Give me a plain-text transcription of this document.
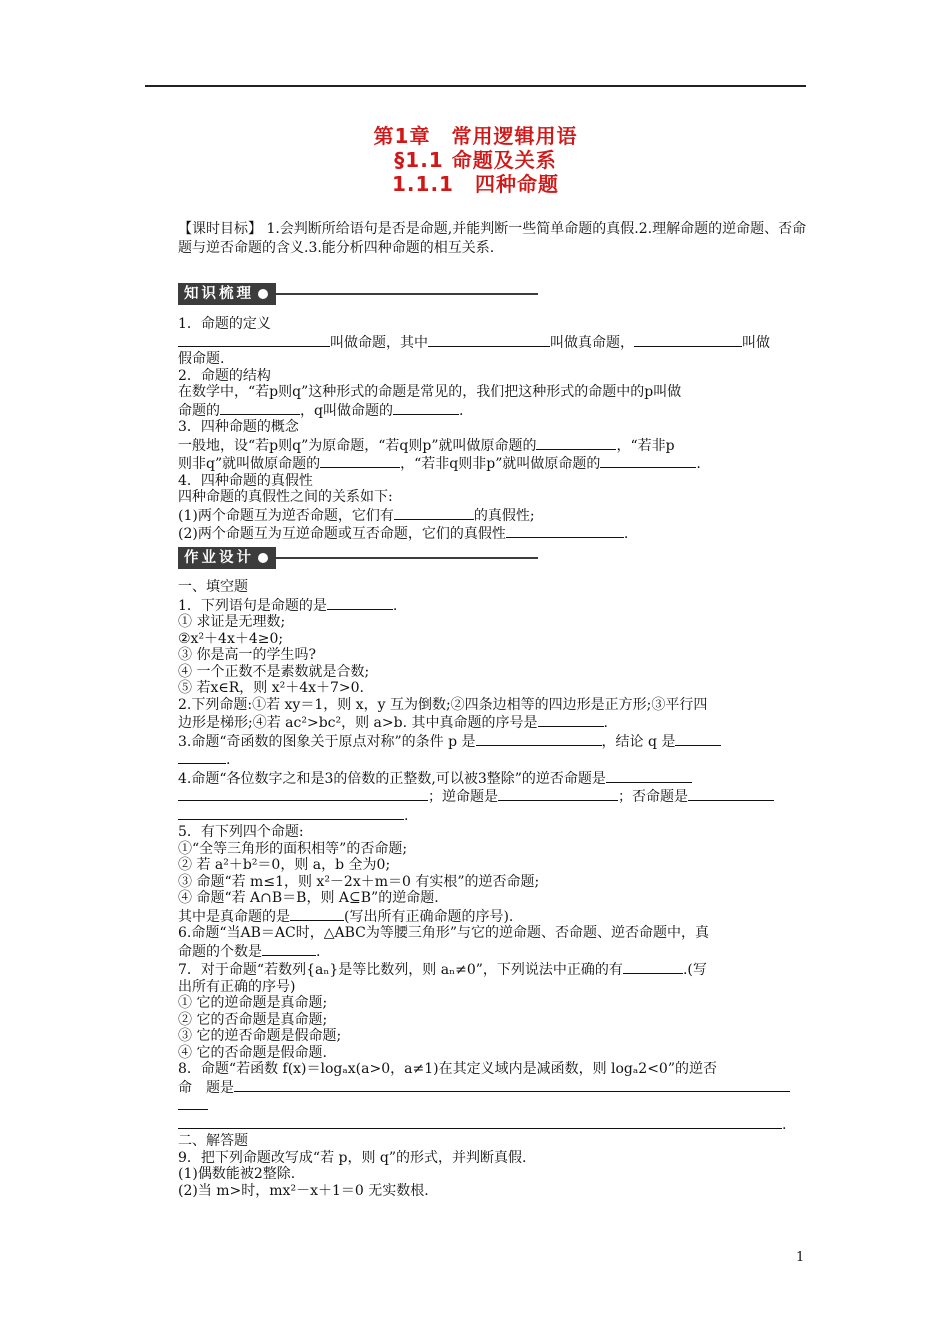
第1章　常用逻辑用语
§1.1 命题及关系
1.1.1　四种命题
【课时目标】 1.会判断所给语句是否是命题,并能判断一些简单命题的真假.2.理解命题的逆命题、否命题与逆否命题的含义.3.能分析四种命题的相互关系.
知识梳理

1．命题的定义

叫做命题，其中	叫做真命题，	叫做

假命题.

2．命题的结构

在数学中，“若p则q”这种形式的命题是常见的，我们把这种形式的命题中的p叫做

命题的	，q叫做命题的	.

3．四种命题的概念

一般地，设“若p则q”为原命题，“若q则p”就叫做原命题的	，“若非p

则非q”就叫做原命题的	，“若非q则非p”就叫做原命题的	.

4．四种命题的真假性

四种命题的真假性之间的关系如下:

(1)两个命题互为逆否命题，它们有	的真假性;

(2)两个命题互为互逆命题或互否命题，它们的真假性	.

作业设计

一、填空题

1．下列语句是命题的是	.

① 求证是无理数;

②x²＋4x＋4≥0;

③ 你是高一的学生吗?

④ 一个正数不是素数就是合数;

⑤ 若x∈R，则 x²＋4x＋7>0.

2.下列命题:①若 xy＝1，则 x，y 互为倒数;②四条边相等的四边形是正方形;③平行四

边形是梯形;④若 ac²>bc²，则 a>b. 其中真命题的序号是	.

3.命题“奇函数的图象关于原点对称”的条件 p 是	，结论 q 是

.

4.命题“各位数字之和是3的倍数的正整数,可以被3整除”的逆否命题是

；逆命题是	；否命题是

.

5．有下列四个命题:

①“全等三角形的面积相等”的否命题;

② 若 a²＋b²＝0，则 a，b 全为0;

③ 命题“若 m≤1，则 x²－2x＋m＝0 有实根”的逆否命题;

④ 命题“若 A∩B＝B，则 A⊆B”的逆命题.

其中是真命题的是	(写出所有正确命题的序号).

6.命题“当AB＝AC时，△ABC为等腰三角形”与它的逆命题、否命题、逆否命题中，真

命题的个数是	.

7．对于命题“若数列{aₙ}是等比数列，则 aₙ≠0”，下列说法中正确的有	.(写

出所有正确的序号)

① 它的逆命题是真命题;

② 它的否命题是真命题;

③ 它的逆否命题是假命题;

④ 它的否命题是假命题.

8．命题“若函数 f(x)＝logₐx(a>0，a≠1)在其定义域内是减函数，则 logₐ2<0”的逆否

命　题是

.

二、解答题

9．把下列命题改写成“若 p，则 q”的形式，并判断真假.

(1)偶数能被2整除.

(2)当 m>时，mx²－x＋1＝0 无实数根.

1
